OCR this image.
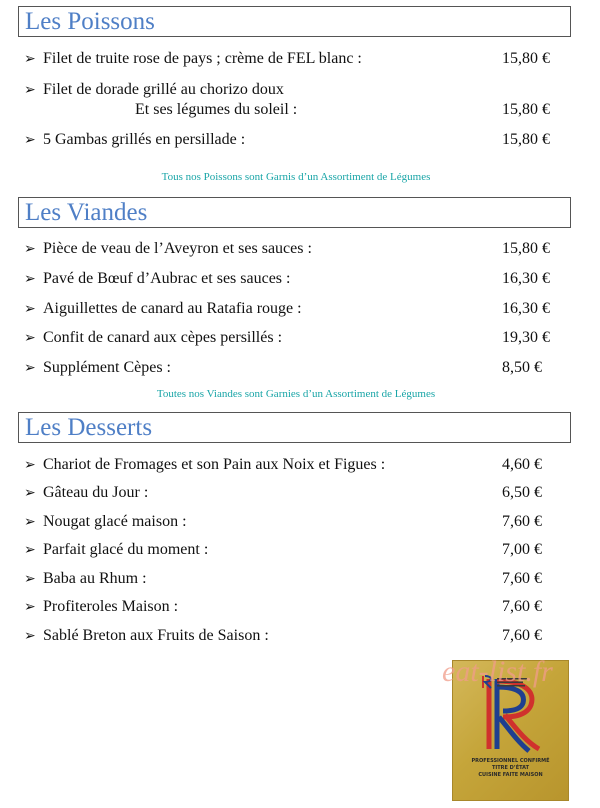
Les Poissons
➢ Filet de truite rose de pays ; crème de FEL blanc :	15,80 €
➢ Filet de dorade grillé au chorizo doux
Et ses légumes du soleil :	15,80 €
➢ 5 Gambas grillés en persillade :	15,80 €
Tous nos Poissons sont Garnis d’un Assortiment de Légumes
Les Viandes
➢ Pièce de veau de l’Aveyron et ses sauces :	15,80 €
➢ Pavé de Bœuf d’Aubrac et ses sauces :	16,30 €
➢ Aiguillettes de canard au Ratafia rouge :	16,30 €
➢ Confit de canard aux cèpes persillés :	19,30 €
➢ Supplément Cèpes :	8,50 €
Toutes nos Viandes sont Garnies d’un Assortiment de Légumes
Les Desserts
➢ Chariot de Fromages et son Pain aux Noix et Figues :	4,60 €
➢ Gâteau du Jour :	6,50 €
➢ Nougat glacé maison :	7,60 €
➢ Parfait glacé du moment :	7,00 €
➢ Baba au Rhum :	7,60 €
➢ Profiteroles Maison :	7,60 €
➢ Sablé Breton aux Fruits de Saison :	7,60 €
PROFESSIONNEL CONFIRMÉ
TITRE D’ÉTAT
CUISINE FAITE MAISON
eat-list.fr
